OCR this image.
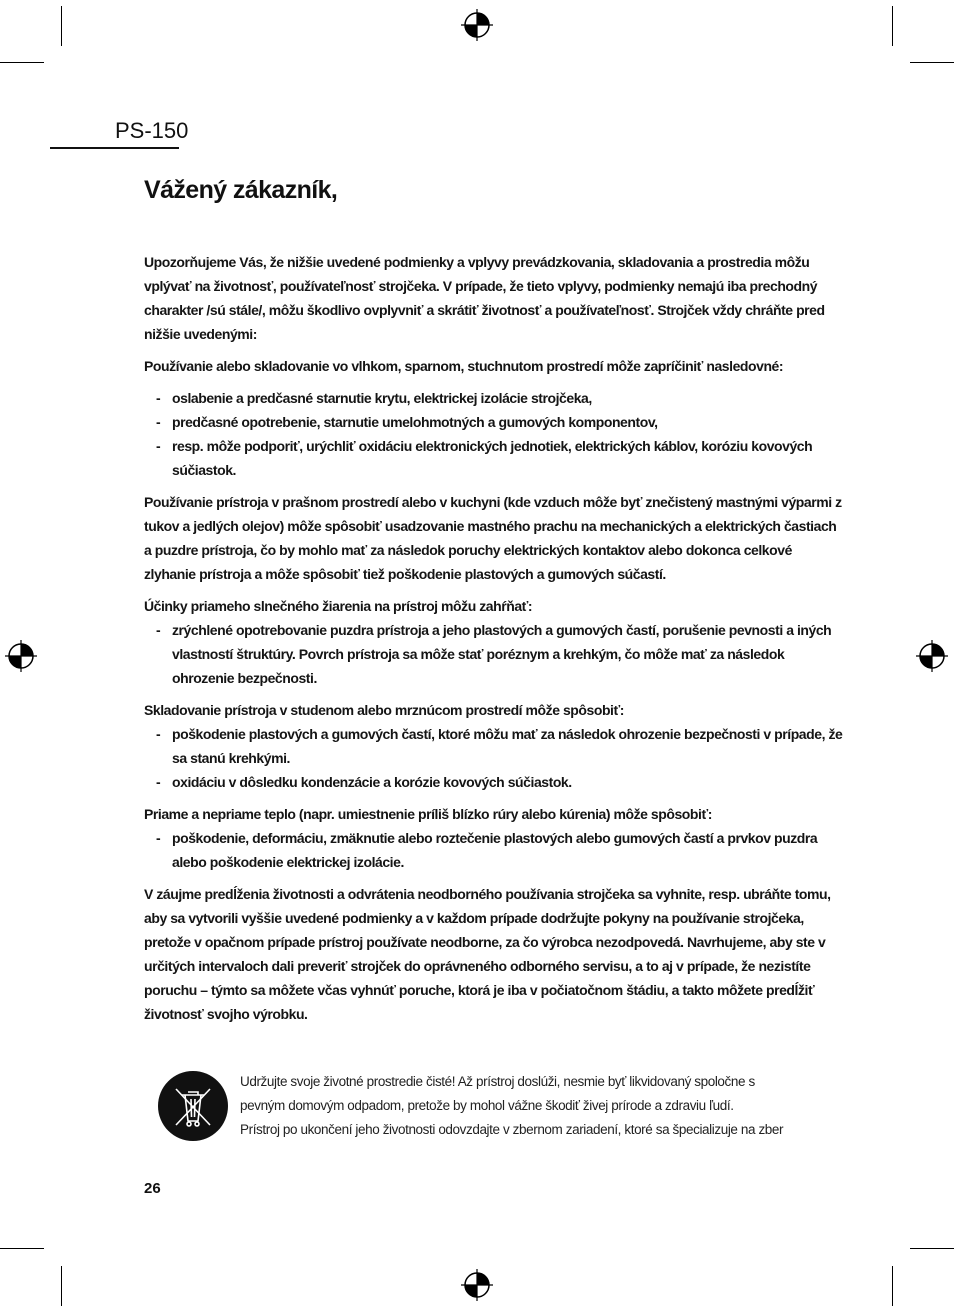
PS-150
Vážený zákazník,

Upozorňujeme Vás, že nižšie uvedené podmienky a vplyvy prevádzkovania, skladovania a prostredia môžu vplývať na životnosť, používateľnosť strojčeka. V prípade, že tieto vplyvy, podmienky nemajú iba prechodný charakter /sú stále/, môžu škodlivo ovplyvniť a skrátiť životnosť a používateľnosť. Strojček vždy chráňte pred nižšie uvedenými:

Používanie alebo skladovanie vo vlhkom, sparnom, stuchnutom prostredí môže zapríčiniť nasledovné:

- oslabenie a predčasné starnutie krytu, elektrickej izolácie strojčeka,
- predčasné opotrebenie, starnutie umelohmotných a gumových komponentov,
- resp. môže podporiť, urýchliť oxidáciu elektronických jednotiek, elektrických káblov, koróziu kovových súčiastok.

Používanie prístroja v prašnom prostredí alebo v kuchyni (kde vzduch môže byť znečistený mastnými výparmi z tukov a jedlých olejov) môže spôsobiť usadzovanie mastného prachu na mechanických a elektrických častiach a puzdre prístroja, čo by mohlo mať za následok poruchy elektrických kontaktov alebo dokonca celkové zlyhanie prístroja a môže spôsobiť tiež poškodenie plastových a gumových súčastí.

Účinky priameho slnečného žiarenia na prístroj môžu zahŕňať:

- zrýchlené opotrebovanie puzdra prístroja a jeho plastových a gumových častí, porušenie pevnosti a iných vlastností štruktúry. Povrch prístroja sa môže stať poréznym a krehkým, čo môže mať za následok ohrozenie bezpečnosti.

Skladovanie prístroja v studenom alebo mrznúcom prostredí môže spôsobiť:

- poškodenie plastových a gumových častí, ktoré môžu mať za následok ohrozenie bezpečnosti v prípade, že sa stanú krehkými.
- oxidáciu v dôsledku kondenzácie a korózie kovových súčiastok.

Priame a nepriame teplo (napr. umiestnenie príliš blízko rúry alebo kúrenia) môže spôsobiť:

- poškodenie, deformáciu, zmäknutie alebo roztečenie plastových alebo gumových častí a prvkov puzdra alebo poškodenie elektrickej izolácie.

V záujme predĺženia životnosti a odvrátenia neodborného používania strojčeka sa vyhnite, resp. ubráňte tomu, aby sa vytvorili vyššie uvedené podmienky a v každom prípade dodržujte pokyny na používanie strojčeka, pretože v opačnom prípade prístroj používate neodborne, za čo výrobca nezodpovedá. Navrhujeme, aby ste v určitých intervaloch dali preveriť strojček do oprávneného odborného servisu, a to aj v prípade, že nezistíte poruchu – týmto sa môžete včas vyhnúť poruche, ktorá je iba v počiatočnom štádiu, a takto môžete predĺžiť životnosť svojho výrobku.

Udržujte svoje životné prostredie čisté! Až prístroj doslúži, nesmie byť likvidovaný spoločne s
pevným domovým odpadom, pretože by mohol vážne škodiť živej prírode a zdraviu ľudí.
Prístroj po ukončení jeho životnosti odovzdajte v zbernom zariadení, ktoré sa špecializuje na zber
26
